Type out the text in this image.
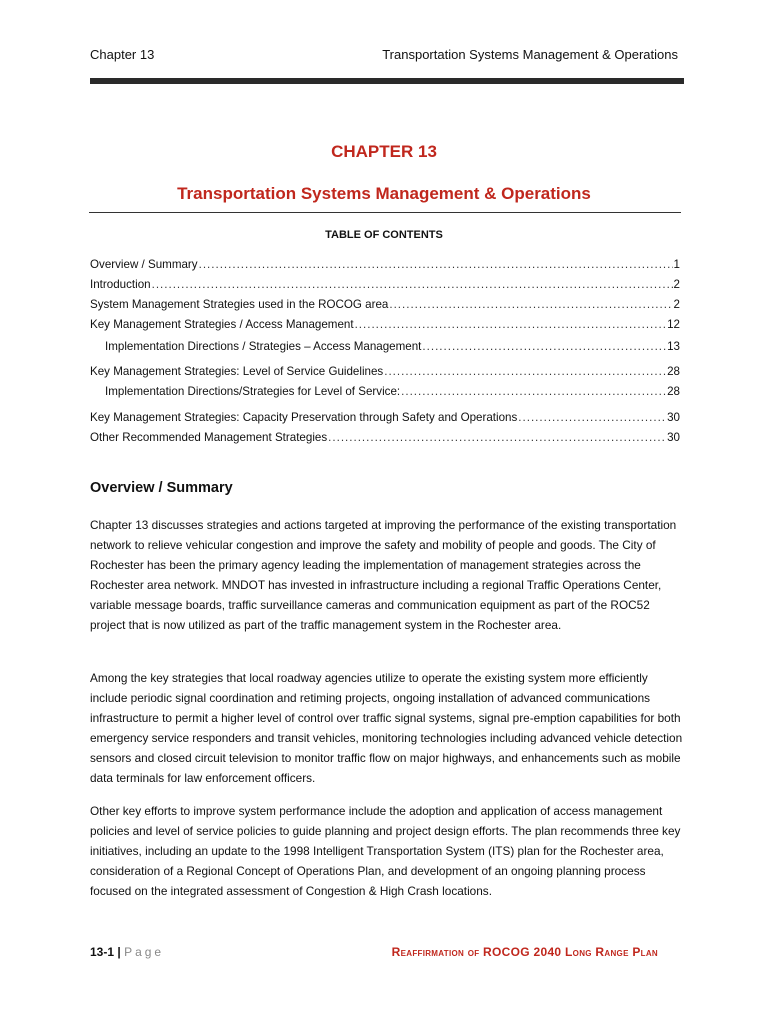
Chapter 13	Transportation Systems Management & Operations
CHAPTER 13
Transportation Systems Management & Operations
TABLE OF CONTENTS
Overview / Summary .....	1
Introduction .....	2
System Management Strategies used in the ROCOG area .....	2
Key Management Strategies / Access Management .....	12
Implementation Directions / Strategies – Access Management .....	13
Key Management Strategies: Level of Service Guidelines .....	28
Implementation Directions/Strategies for Level of Service: .....	28
Key Management Strategies: Capacity Preservation through Safety and Operations .....	30
Other Recommended Management Strategies .....	30
Overview / Summary

Chapter 13 discusses strategies and actions targeted at improving the performance of the existing transportation network to relieve vehicular congestion and improve the safety and mobility of people and goods. The City of Rochester has been the primary agency leading the implementation of management strategies across the Rochester area network. MNDOT has invested in infrastructure including a regional Traffic Operations Center, variable message boards, traffic surveillance cameras and communication equipment as part of the ROC52 project that is now utilized as part of the traffic management system in the Rochester area.

Among the key strategies that local roadway agencies utilize to operate the existing system more efficiently include periodic signal coordination and retiming projects, ongoing installation of advanced communications infrastructure to permit a higher level of control over traffic signal systems, signal pre-emption capabilities for both emergency service responders and transit vehicles, monitoring technologies including advanced vehicle detection sensors and closed circuit television to monitor traffic flow on major highways, and enhancements such as mobile data terminals for law enforcement officers.

Other key efforts to improve system performance include the adoption and application of access management policies and level of service policies to guide planning and project design efforts. The plan recommends three key initiatives, including an update to the 1998 Intelligent Transportation System (ITS) plan for the Rochester area, consideration of a Regional Concept of Operations Plan, and development of an ongoing planning process focused on the integrated assessment of Congestion & High Crash locations.

13-1 | Page	Reaffirmation of ROCOG 2040 Long Range Plan
